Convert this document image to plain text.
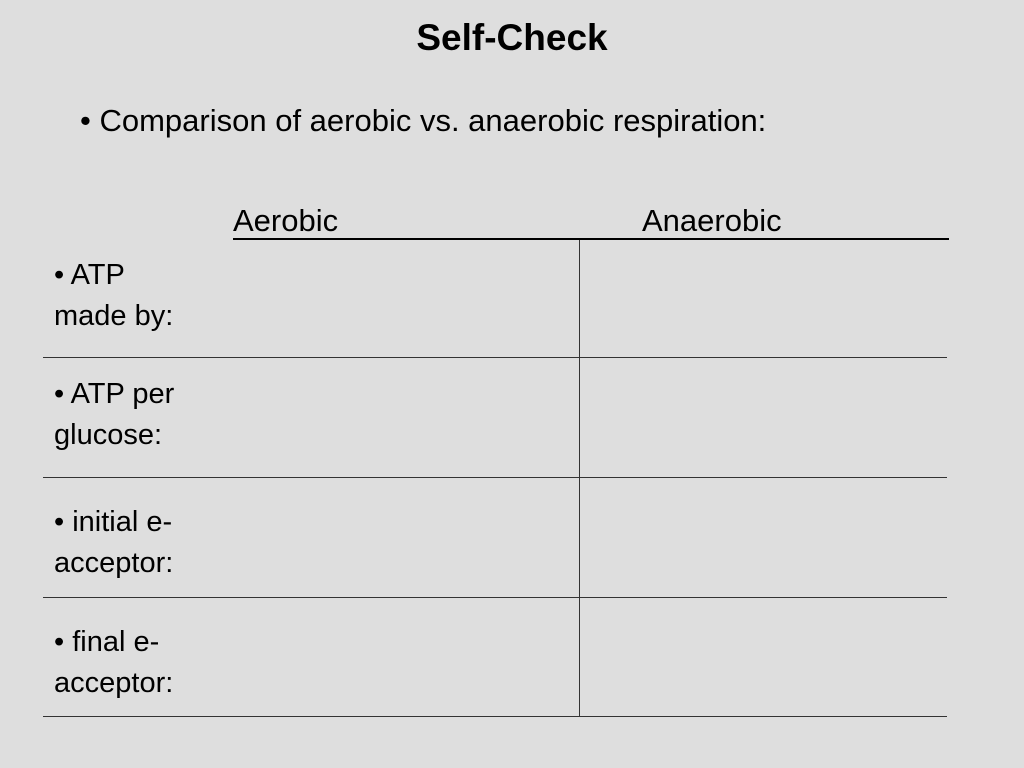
Self-Check
• Comparison of aerobic vs. anaerobic respiration:
Aerobic	Anaerobic
• ATP
made by:
• ATP per
glucose:
• initial e-
acceptor:
• final e-
acceptor:
